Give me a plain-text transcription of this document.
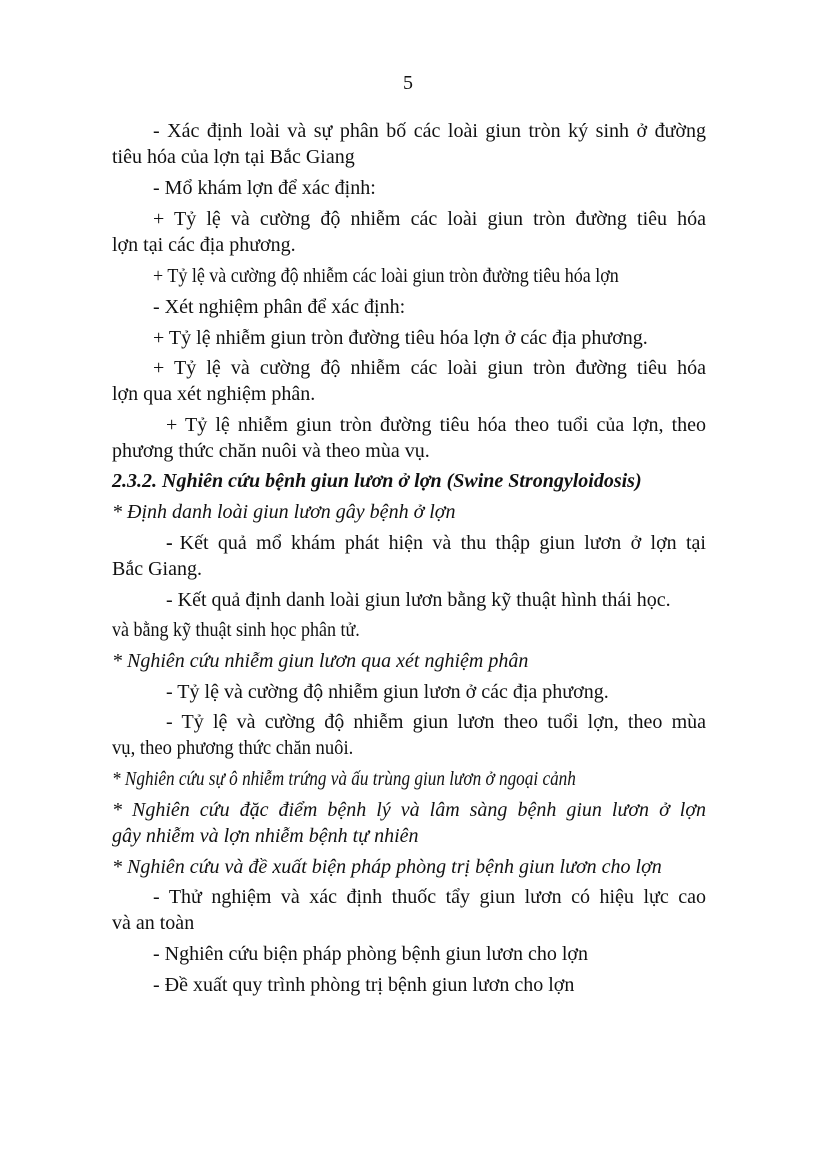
5
- Xác định loài và sự phân bố các loài giun tròn ký sinh ở đường
tiêu hóa của lợn tại Bắc Giang
- Mổ khám lợn để xác định:
+ Tỷ lệ và cường độ nhiễm các loài giun tròn đường tiêu hóa
lợn tại các địa phương.
+ Tỷ lệ và cường độ nhiễm các loài giun tròn đường tiêu hóa lợn
- Xét nghiệm phân để xác định:
+ Tỷ lệ nhiễm giun tròn đường tiêu hóa lợn ở các địa phương.
+ Tỷ lệ và cường độ nhiễm các loài giun tròn đường tiêu hóa
lợn qua xét nghiệm phân.
+ Tỷ lệ nhiễm giun tròn đường tiêu hóa theo tuổi của lợn, theo
phương thức chăn nuôi và theo mùa vụ.
2.3.2. Nghiên cứu bệnh giun lươn ở lợn (Swine Strongyloidosis)
* Định danh loài giun lươn gây bệnh ở lợn
- Kết quả mổ khám phát hiện và thu thập giun lươn ở lợn tại
Bắc Giang.
- Kết quả định danh loài giun lươn bằng kỹ thuật hình thái học.
và bằng kỹ thuật sinh học phân tử.
* Nghiên cứu nhiễm giun lươn qua xét nghiệm phân
- Tỷ lệ và cường độ nhiễm giun lươn ở các địa phương.
- Tỷ lệ và cường độ nhiễm giun lươn theo tuổi lợn, theo mùa
vụ, theo phương thức chăn nuôi.
* Nghiên cứu sự ô nhiễm trứng và ấu trùng giun lươn ở ngoại cảnh
* Nghiên cứu đặc điểm bệnh lý và lâm sàng bệnh giun lươn ở lợn
gây nhiễm và lợn nhiễm bệnh tự nhiên
* Nghiên cứu và đề xuất biện pháp phòng trị bệnh giun lươn cho lợn
- Thử nghiệm và xác định thuốc tẩy giun lươn có hiệu lực cao
và an toàn
- Nghiên cứu biện pháp phòng bệnh giun lươn cho lợn
- Đề xuất quy trình phòng trị bệnh giun lươn cho lợn
